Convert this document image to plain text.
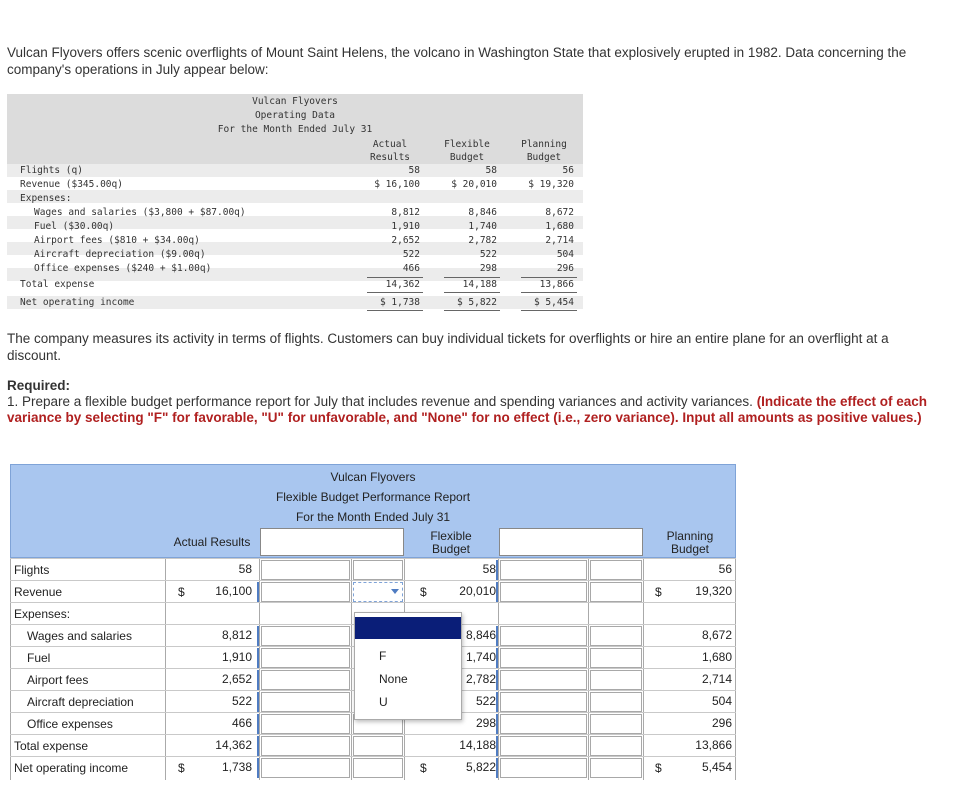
Vulcan Flyovers offers scenic overflights of Mount Saint Helens, the volcano in Washington State that explosively erupted in 1982. Data concerning the company's operations in July appear below:
Vulcan Flyovers
Operating Data
For the Month Ended July 31
Actual
Results
Flexible
Budget
Planning
Budget
Flights (q)	58	58	56
Revenue ($345.00q)	$ 16,100	$ 20,010	$ 19,320
Expenses:
Wages and salaries ($3,800 + $87.00q)	8,812	8,846	8,672
Fuel ($30.00q)	1,910	1,740	1,680
Airport fees ($810 + $34.00q)	2,652	2,782	2,714
Aircraft depreciation ($9.00q)	522	522	504
Office expenses ($240 + $1.00q)	466	298	296
Total expense	14,362	14,188	13,866
Net operating income	$ 1,738	$ 5,822	$ 5,454
The company measures its activity in terms of flights. Customers can buy individual tickets for overflights or hire an entire plane for an overflight at a discount.
Required:
1. Prepare a flexible budget performance report for July that includes revenue and spending variances and activity variances. (Indicate the effect of each variance by selecting "F" for favorable, "U" for unfavorable, and "None" for no effect (i.e., zero variance). Input all amounts as positive values.)
Vulcan Flyovers
Flexible Budget Performance Report
For the Month Ended July 31
Actual Results	Flexible
Budget
Planning
Budget
Flights	58	58	56
Revenue	$	16,100	$	20,010	$	19,320
Expenses:
Wages and salaries	8,812	8,846	8,672
Fuel	1,910	1,740	1,680
Airport fees	2,652	2,782	2,714
Aircraft depreciation	522	522	504
Office expenses	466	298	296
Total expense	14,362	14,188	13,866
Net operating income	$	1,738	$	5,822	$	5,454
F
None
U
